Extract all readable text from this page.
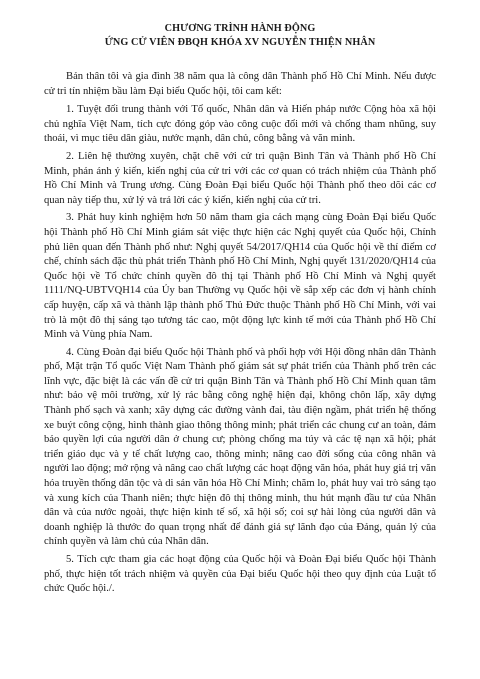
CHƯƠNG TRÌNH HÀNH ĐỘNG

ỨNG CỬ VIÊN ĐBQH KHÓA XV NGUYỄN THIỆN NHÂN

Bản thân tôi và gia đình 38 năm qua là công dân Thành phố Hồ Chí Minh. Nếu được cử tri tín nhiệm bầu làm Đại biểu Quốc hội, tôi cam kết:

1. Tuyệt đối trung thành với Tổ quốc, Nhân dân và Hiến pháp nước Cộng hòa xã hội chủ nghĩa Việt Nam, tích cực đóng góp vào công cuộc đổi mới và chống tham nhũng, suy thoái, vì mục tiêu dân giàu, nước mạnh, dân chủ, công bằng và văn minh.

2. Liên hệ thường xuyên, chặt chẽ với cử tri quận Bình Tân và Thành phố Hồ Chí Minh, phản ánh ý kiến, kiến nghị của cử tri với các cơ quan có trách nhiệm của Thành phố Hồ Chí Minh và Trung ương. Cùng Đoàn Đại biểu Quốc hội Thành phố theo dõi các cơ quan này tiếp thu, xử lý và trả lời các ý kiến, kiến nghị của cử tri.

3. Phát huy kinh nghiệm hơn 50 năm tham gia cách mạng cùng Đoàn Đại biểu Quốc hội Thành phố Hồ Chí Minh giám sát việc thực hiện các Nghị quyết của Quốc hội, Chính phủ liên quan đến Thành phố như: Nghị quyết 54/2017/QH14 của Quốc hội về thí điểm cơ chế, chính sách đặc thù phát triển Thành phố Hồ Chí Minh, Nghị quyết 131/2020/QH14 của Quốc hội về Tổ chức chính quyền đô thị tại Thành phố Hồ Chí Minh và Nghị quyết 1111/NQ-UBTVQH14 của Ủy ban Thường vụ Quốc hội về sắp xếp các đơn vị hành chính cấp huyện, cấp xã và thành lập thành phố Thủ Đức thuộc Thành phố Hồ Chí Minh, với vai trò là một đô thị sáng tạo tương tác cao, một động lực kinh tế mới của Thành phố Hồ Chí Minh và Vùng phía Nam.

4. Cùng Đoàn đại biểu Quốc hội Thành phố và phối hợp với Hội đồng nhân dân Thành phố, Mặt trận Tổ quốc Việt Nam Thành phố giám sát sự phát triển của Thành phố trên các lĩnh vực, đặc biệt là các vấn đề cử tri quận Bình Tân và Thành phố Hồ Chí Minh quan tâm như: bảo vệ môi trường, xử lý rác bằng công nghệ hiện đại, không chôn lấp, xây dựng Thành phố sạch và xanh; xây dựng các đường vành đai, tàu điện ngầm, phát triển hệ thống xe buýt công cộng, hình thành giao thông thông minh; phát triển các chung cư an toàn, đảm bảo quyền lợi của người dân ở chung cư; phòng chống ma túy và các tệ nạn xã hội; phát triển giáo dục và y tế chất lượng cao, thông minh; nâng cao đời sống của công nhân và người lao động; mở rộng và nâng cao chất lượng các hoạt động văn hóa, phát huy giá trị văn hóa truyền thống dân tộc và di sản văn hóa Hồ Chí Minh; chăm lo, phát huy vai trò sáng tạo và xung kích của Thanh niên; thực hiện đô thị thông minh, thu hút mạnh đầu tư của Nhân dân và của nước ngoài, thực hiện kinh tế số, xã hội số; coi sự hài lòng của người dân và doanh nghiệp là thước đo quan trọng nhất để đánh giá sự lãnh đạo của Đảng, quản lý của chính quyền và làm chủ của Nhân dân.

5. Tích cực tham gia các hoạt động của Quốc hội và Đoàn Đại biểu Quốc hội Thành phố, thực hiện tốt trách nhiệm và quyền của Đại biểu Quốc hội theo quy định của Luật tổ chức Quốc hội./.
